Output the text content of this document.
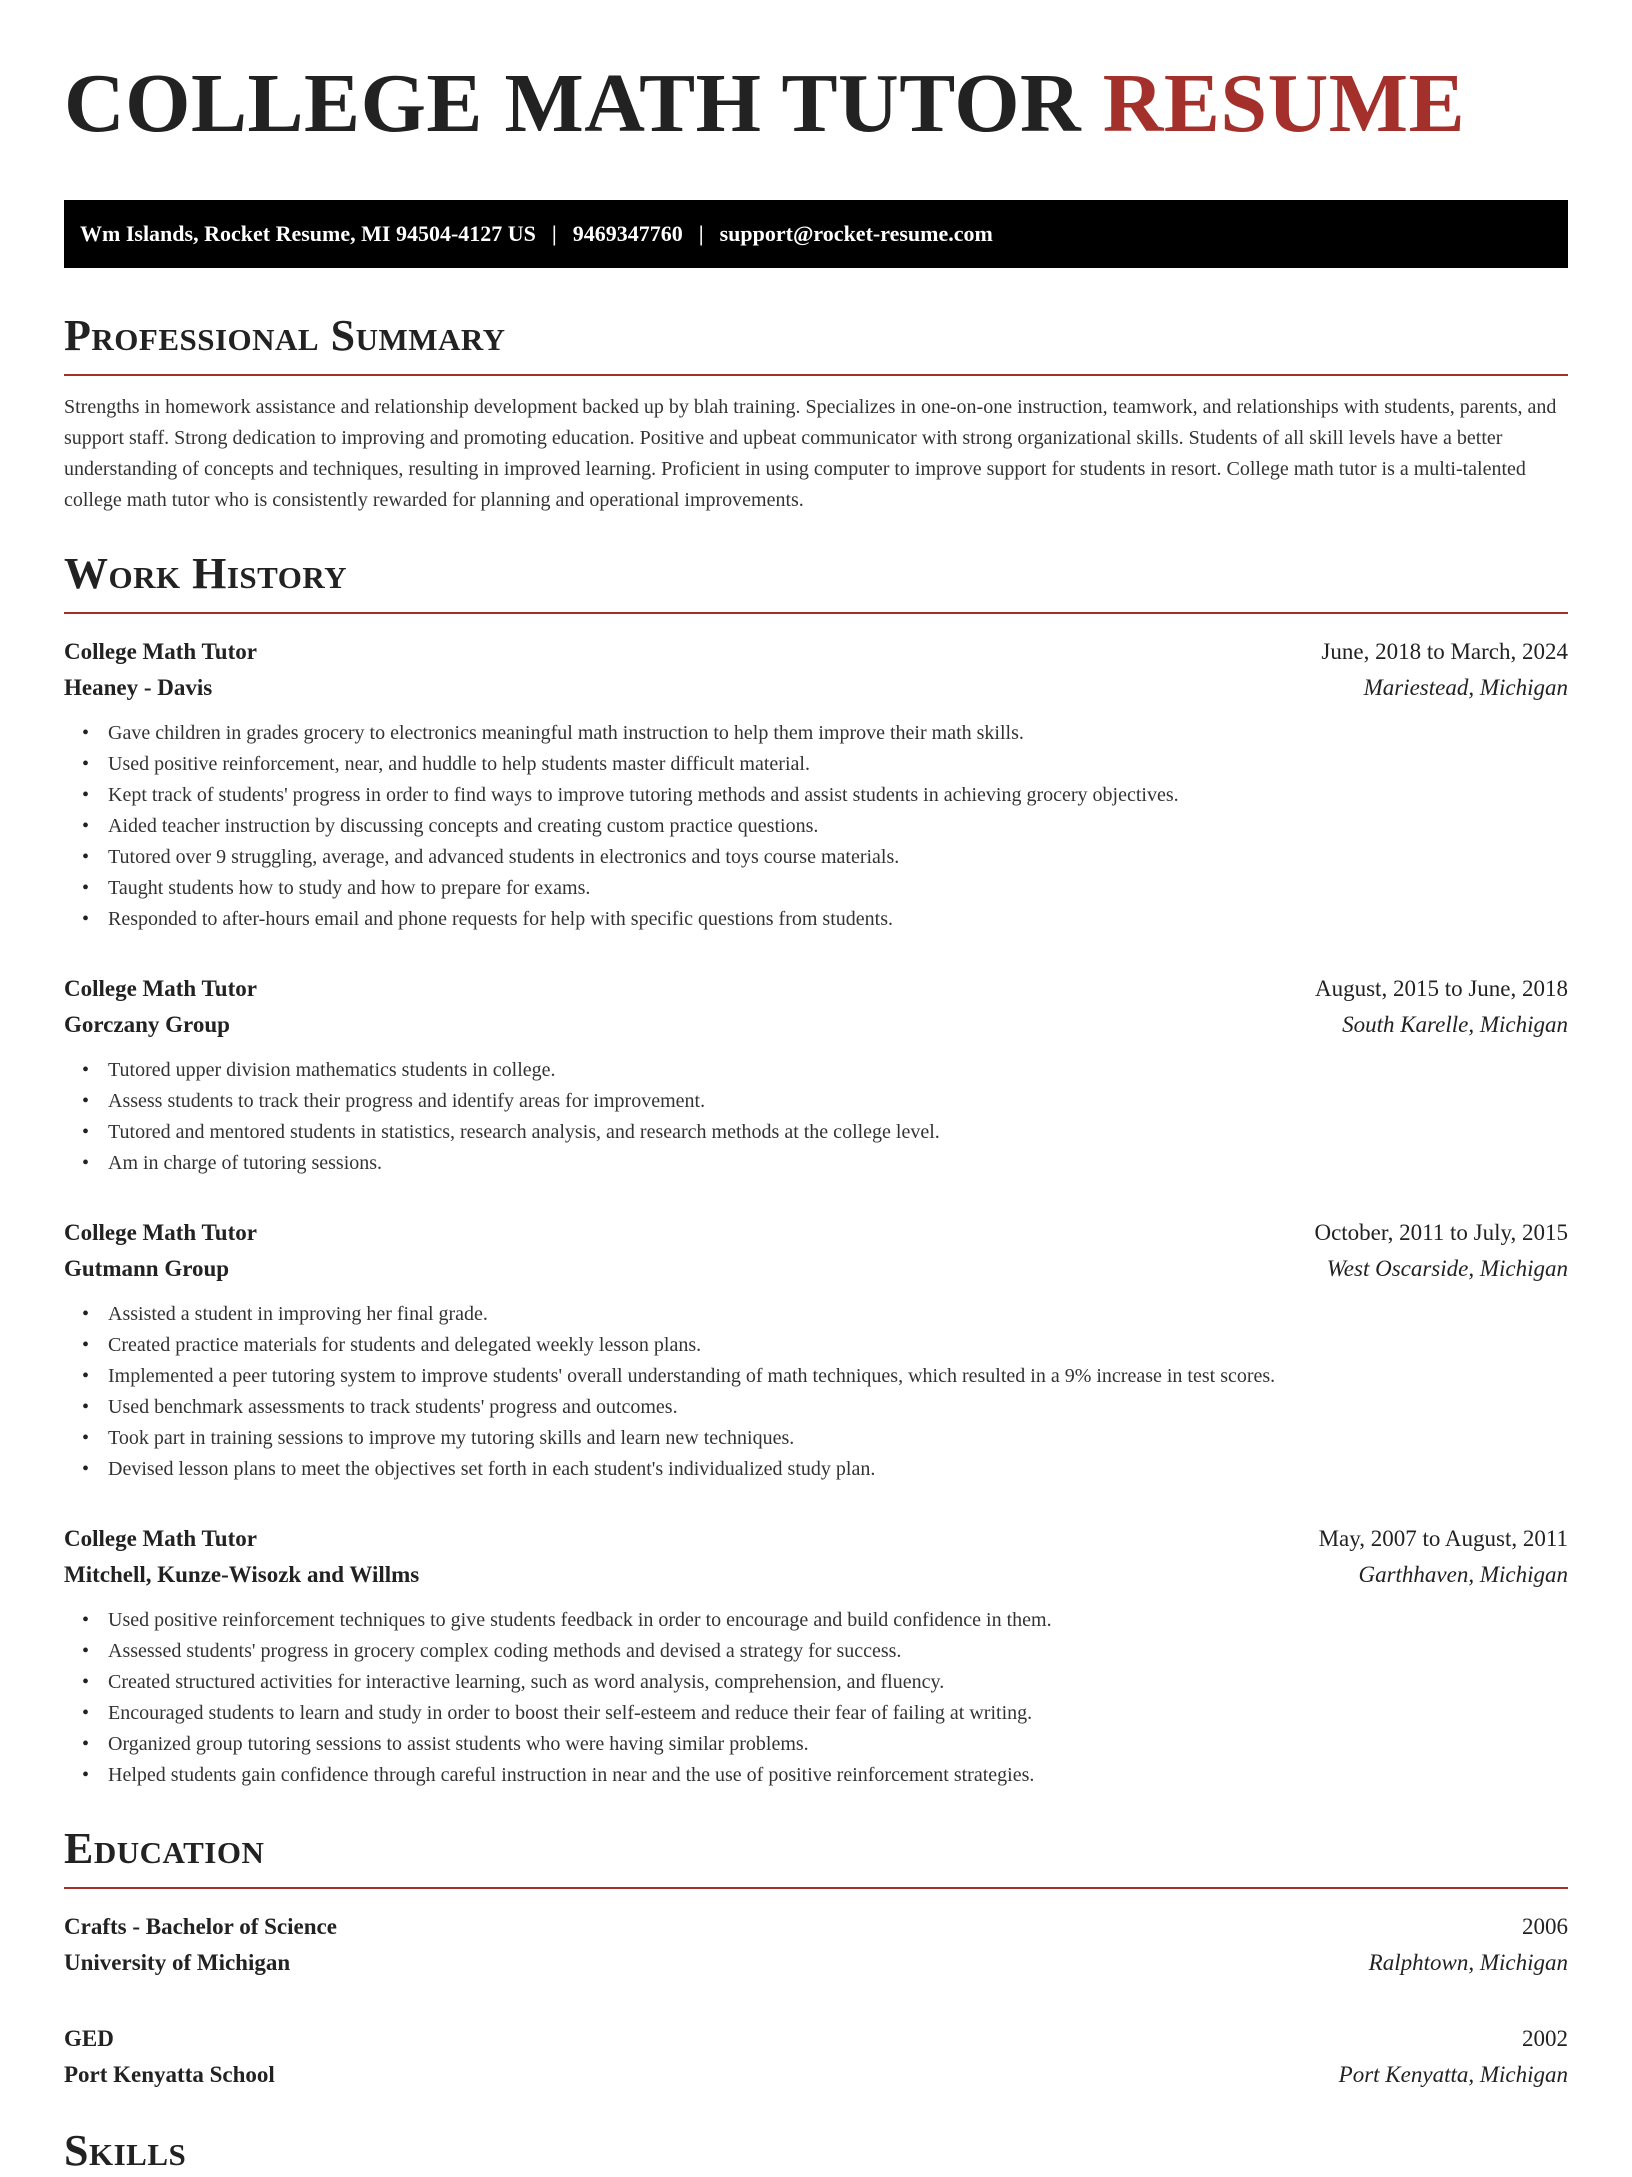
COLLEGE MATH TUTOR RESUME
Wm Islands, Rocket Resume, MI 94504-4127 US | 9469347760 | support@rocket-resume.com
Professional Summary
Strengths in homework assistance and relationship development backed up by blah training. Specializes in one-on-one instruction, teamwork, and relationships with students, parents, and support staff. Strong dedication to improving and promoting education. Positive and upbeat communicator with strong organizational skills. Students of all skill levels have a better understanding of concepts and techniques, resulting in improved learning. Proficient in using computer to improve support for students in resort. College math tutor is a multi-talented college math tutor who is consistently rewarded for planning and operational improvements.
Work History
College Math Tutor	June, 2018 to March, 2024
Heaney - Davis	Mariestead, Michigan
• Gave children in grades grocery to electronics meaningful math instruction to help them improve their math skills.
• Used positive reinforcement, near, and huddle to help students master difficult material.
• Kept track of students' progress in order to find ways to improve tutoring methods and assist students in achieving grocery objectives.
• Aided teacher instruction by discussing concepts and creating custom practice questions.
• Tutored over 9 struggling, average, and advanced students in electronics and toys course materials.
• Taught students how to study and how to prepare for exams.
• Responded to after-hours email and phone requests for help with specific questions from students.
College Math Tutor	August, 2015 to June, 2018
Gorczany Group	South Karelle, Michigan
• Tutored upper division mathematics students in college.
• Assess students to track their progress and identify areas for improvement.
• Tutored and mentored students in statistics, research analysis, and research methods at the college level.
• Am in charge of tutoring sessions.
College Math Tutor	October, 2011 to July, 2015
Gutmann Group	West Oscarside, Michigan
• Assisted a student in improving her final grade.
• Created practice materials for students and delegated weekly lesson plans.
• Implemented a peer tutoring system to improve students' overall understanding of math techniques, which resulted in a 9% increase in test scores.
• Used benchmark assessments to track students' progress and outcomes.
• Took part in training sessions to improve my tutoring skills and learn new techniques.
• Devised lesson plans to meet the objectives set forth in each student's individualized study plan.
College Math Tutor	May, 2007 to August, 2011
Mitchell, Kunze-Wisozk and Willms	Garthhaven, Michigan
• Used positive reinforcement techniques to give students feedback in order to encourage and build confidence in them.
• Assessed students' progress in grocery complex coding methods and devised a strategy for success.
• Created structured activities for interactive learning, such as word analysis, comprehension, and fluency.
• Encouraged students to learn and study in order to boost their self-esteem and reduce their fear of failing at writing.
• Organized group tutoring sessions to assist students who were having similar problems.
• Helped students gain confidence through careful instruction in near and the use of positive reinforcement strategies.
Education
Crafts - Bachelor of Science	2006
University of Michigan	Ralphtown, Michigan
GED	2002
Port Kenyatta School	Port Kenyatta, Michigan
Skills
